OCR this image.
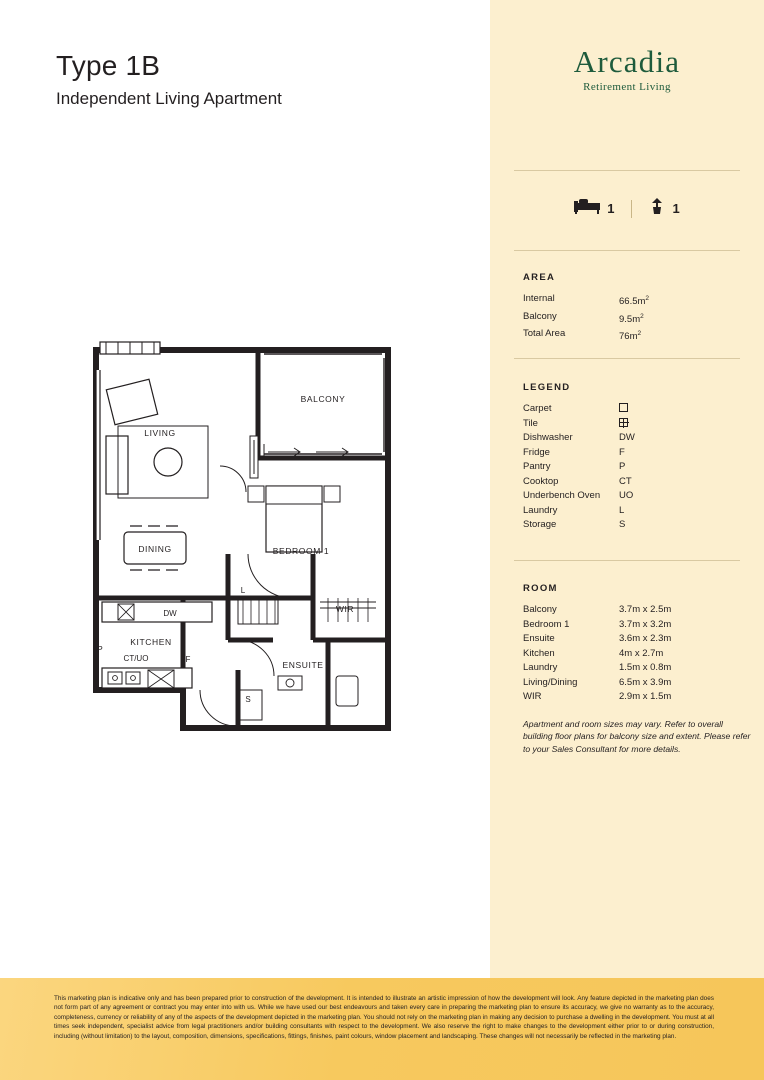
Type 1B
Independent Living Apartment
BALCONY
LIVING
DINING	BEDROOM 1
WIR
ENSUITE
KITCHEN
DW
CT/UO
P
F
L
S
Arcadia
Retirement Living
1	1
AREA
Internal	$66.5m^2$
Balcony	$9.5m^2$
Total Area	$76m^2$
LEGEND
Carpet
Tile
Dishwasher	DW
Fridge	F
Pantry	P
Cooktop	CT
Underbench Oven	UO
Laundry	L
Storage	S
ROOM
Balcony	3.7m x 2.5m
Bedroom 1	3.7m x 3.2m
Ensuite	3.6m x 2.3m
Kitchen	4m x 2.7m
Laundry	1.5m x 0.8m
Living/Dining	6.5m x 3.9m
WIR	2.9m x 1.5m
Apartment and room sizes may vary. Refer to overall building floor plans for balcony size and extent. Please refer to your Sales Consultant for more details.
This marketing plan is indicative only and has been prepared prior to construction of the development. It is intended to illustrate an artistic impression of how the development will look. Any feature depicted in the marketing plan does not form part of any agreement or contract you may enter into with us. While we have used our best endeavours and taken every care in preparing the marketing plan to ensure its accuracy, we give no warranty as to the accuracy, completeness, currency or reliability of any of the aspects of the development depicted in the marketing plan. You should not rely on the marketing plan in making any decision to purchase a dwelling in the development. You must at all times seek independent, specialist advice from legal practitioners and/or building consultants with respect to the development. We also reserve the right to make changes to the development either prior to or during construction, including (without limitation) to the layout, composition, dimensions, specifications, fittings, finishes, paint colours, window placement and landscaping. These changes will not necessarily be reflected in the marketing plan.
